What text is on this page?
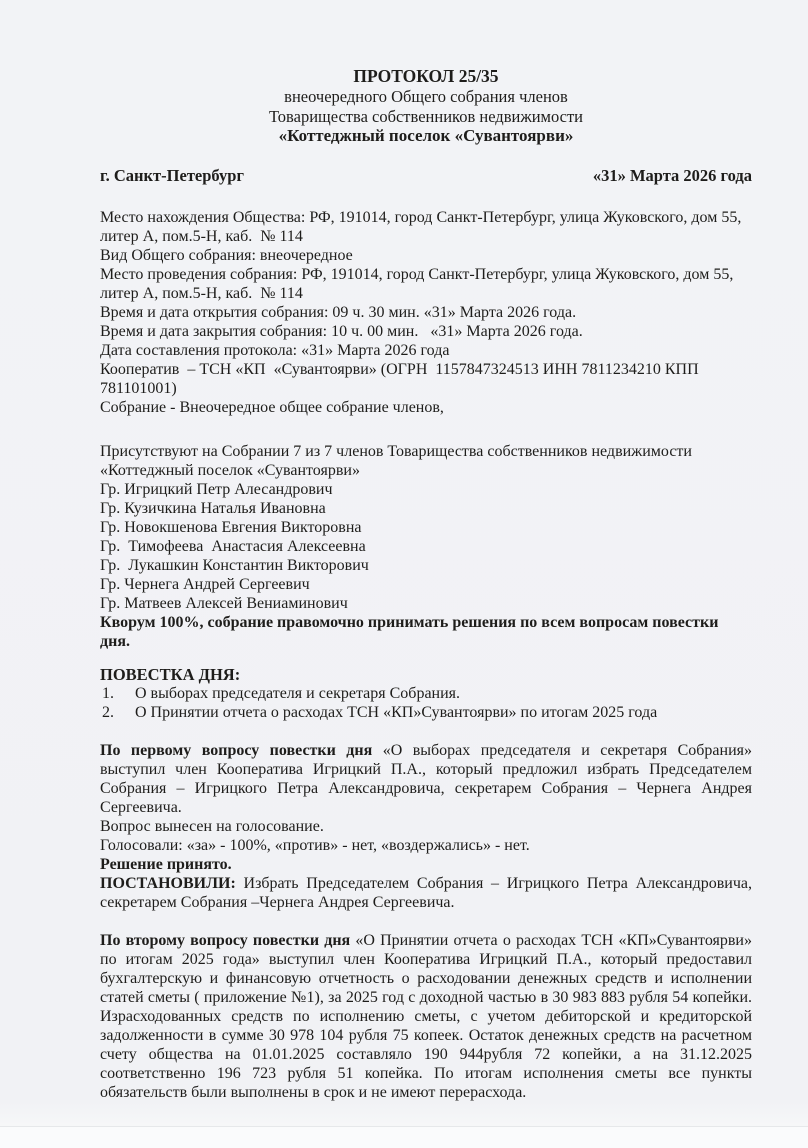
ПРОТОКОЛ 25/35
внеочередного Общего собрания членов
Товарищества собственников недвижимости
«Коттеджный поселок «Сувантоярви»
г. Санкт-Петербург	«31» Марта 2026 года
Место нахождения Общества: РФ, 191014, город Санкт-Петербург, улица Жуковского, дом 55, литер А, пом.5-Н, каб.  № 114
Вид Общего собрания: внеочередное
Место проведения собрания: РФ, 191014, город Санкт-Петербург, улица Жуковского, дом 55, литер А, пом.5-Н, каб.  № 114
Время и дата открытия собрания: 09 ч. 30 мин. «31» Марта 2026 года.
Время и дата закрытия собрания: 10 ч. 00 мин.   «31» Марта 2026 года.
Дата составления протокола: «31» Марта 2026 года
Кооператив  – ТСН «КП  «Сувантоярви» (ОГРН  1157847324513 ИНН 7811234210 КПП 781101001)
Собрание - Внеочередное общее собрание членов,
Присутствуют на Собрании 7 из 7 членов Товарищества собственников недвижимости «Коттеджный поселок «Сувантоярви»
Гр. Игрицкий Петр Алесандрович
Гр. Кузичкина Наталья Ивановна
Гр. Новокшенова Евгения Викторовна
Гр.  Тимофеева  Анастасия Алексеевна
Гр.  Лукашкин Константин Викторович
Гр. Чернега Андрей Сергеевич
Гр. Матвеев Алексей Вениаминович
Кворум 100%, собрание правомочно принимать решения по всем вопросам повестки дня.
ПОВЕСТКА ДНЯ:
1.	О выборах председателя и секретаря Собрания.
2.	О Принятии отчета о расходах ТСН «КП»Сувантоярви» по итогам 2025 года
По первому вопросу повестки дня «О выборах председателя и секретаря Собрания» выступил член Кооператива Игрицкий П.А., который предложил избрать Председателем Собрания – Игрицкого Петра Александровича, секретарем Собрания – Чернега Андрея Сергеевича.
Вопрос вынесен на голосование.
Голосовали: «за» - 100%, «против» - нет, «воздержались» - нет.
Решение принято.
ПОСТАНОВИЛИ: Избрать Председателем Собрания – Игрицкого Петра Александровича, секретарем Собрания –Чернега Андрея Сергеевича.
По второму вопросу повестки дня «О Принятии отчета о расходах ТСН «КП»Сувантоярви» по итогам 2025 года» выступил член Кооператива Игрицкий П.А., который предоставил бухгалтерскую и финансовую отчетность о расходовании денежных средств и исполнении статей сметы ( приложение №1), за 2025 год с доходной частью в 30 983 883 рубля 54 копейки. Израсходованных средств по исполнению сметы, с учетом дебиторской и кредиторской задолженности в сумме 30 978 104 рубля 75 копеек. Остаток денежных средств на расчетном счету общества на 01.01.2025 составляло 190 944рубля 72 копейки, а на 31.12.2025 соответственно 196 723 рубля 51 копейка. По итогам исполнения сметы все пункты обязательств были выполнены в срок и не имеют перерасхода.
